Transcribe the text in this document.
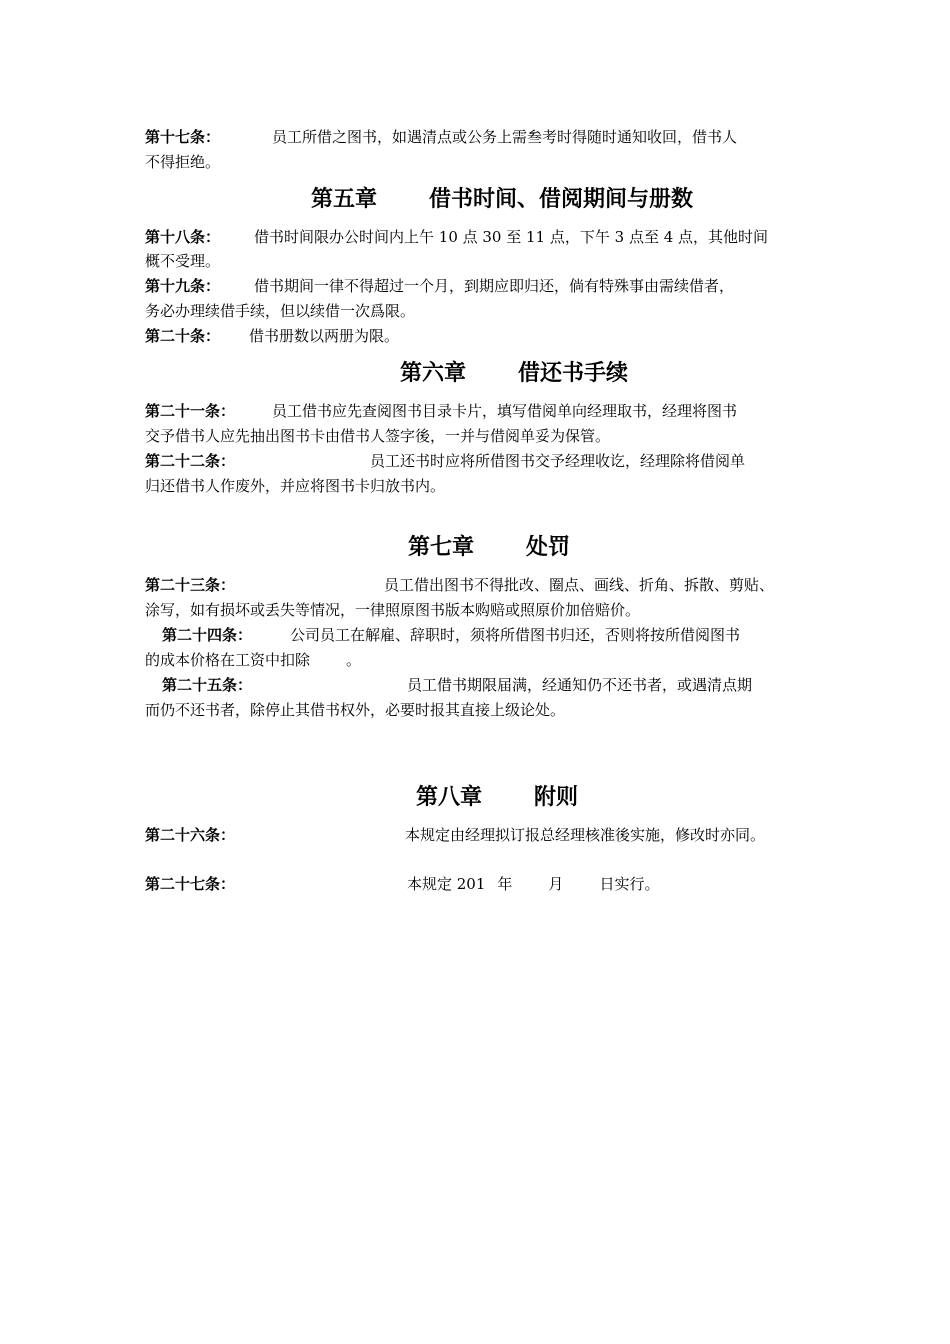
第十七条：	员工所借之图书，如遇清点或公务上需叁考时得随时通知收回，借书人
不得拒绝。
第五章 借书时间、借阅期间与册数
第十八条： 借书时间限办公时间内上午 10 点 30 至 11 点，下午 3 点至 4 点，其他时间
概不受理。
第十九条： 借书期间一律不得超过一个月，到期应即归还，倘有特殊事由需续借者，
务必办理续借手续，但以续借一次爲限。
第二十条： 借书册数以两册为限。
第六章 借还书手续
第二十一条： 员工借书应先查阅图书目录卡片，填写借阅单向经理取书，经理将图书
交予借书人应先抽出图书卡由借书人签字後，一并与借阅单妥为保管。
第二十二条：	员工还书时应将所借图书交予经理收讫，经理除将借阅单
归还借书人作废外，并应将图书卡归放书内。
第七章 处罚
第二十三条：	员工借出图书不得批改、圈点、画线、折角、拆散、剪贴、
涂写，如有损坏或丢失等情况，一律照原图书版本购赔或照原价加倍赔价。
第二十四条：	公司员工在解雇、辞职时，须将所借图书归还，否则将按所借阅图书
的成本价格在工资中扣除 。
第二十五条：	员工借书期限届满，经通知仍不还书者，或遇清点期
而仍不还书者，除停止其借书权外，必要时报其直接上级论处。
第八章 附则
第二十六条：	本规定由经理拟订报总经理核准後实施，修改时亦同。
第二十七条：	本规定 201 年 月 日实行。
